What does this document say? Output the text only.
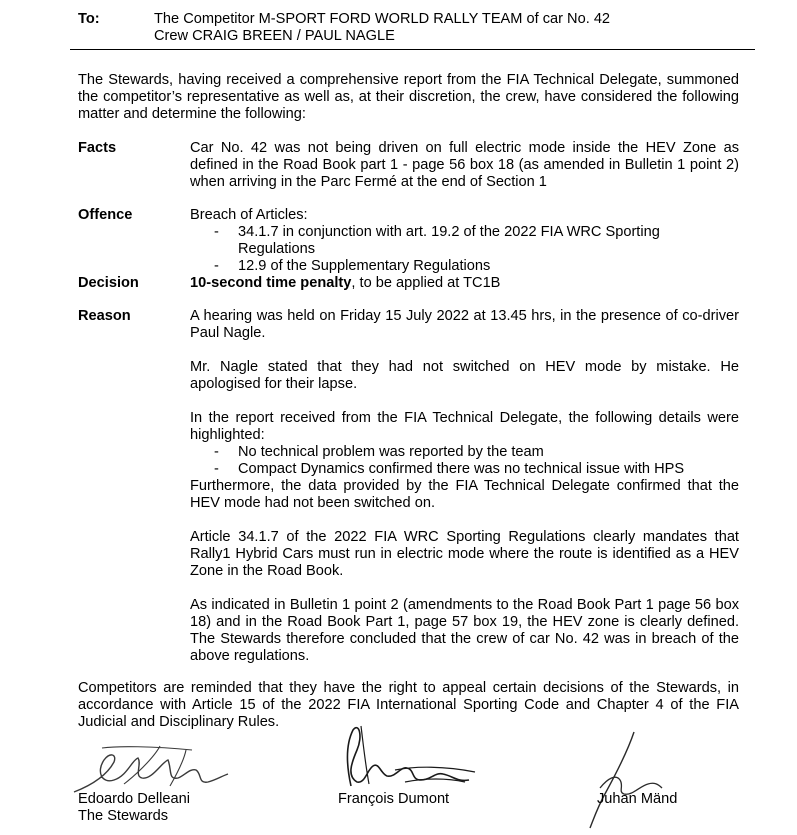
To:	The Competitor M-SPORT FORD WORLD RALLY TEAM of car No. 42
Crew CRAIG BREEN / PAUL NAGLE
The Stewards, having received a comprehensive report from the FIA Technical Delegate, summoned the competitor’s representative as well as, at their discretion, the crew, have considered the following matter and determine the following:
Facts	Car No. 42 was not being driven on full electric mode inside the HEV Zone as defined in the Road Book part 1 - page 56 box 18 (as amended in Bulletin 1 point 2) when arriving in the Parc Fermé at the end of Section 1
Offence	Breach of Articles:

- 34.1.7 in conjunction with art. 19.2 of the 2022 FIA WRC Sporting Regulations
- 12.9 of the Supplementary Regulations
Decision	10-second time penalty, to be applied at TC1B
Reason	A hearing was held on Friday 15 July 2022 at 13.45 hrs, in the presence of co-driver Paul Nagle.

Mr. Nagle stated that they had not switched on HEV mode by mistake. He apologised for their lapse.

In the report received from the FIA Technical Delegate, the following details were highlighted:

- No technical problem was reported by the team
- Compact Dynamics confirmed there was no technical issue with HPS

Furthermore, the data provided by the FIA Technical Delegate confirmed that the HEV mode had not been switched on.

Article 34.1.7 of the 2022 FIA WRC Sporting Regulations clearly mandates that Rally1 Hybrid Cars must run in electric mode where the route is identified as a HEV Zone in the Road Book.

As indicated in Bulletin 1 point 2 (amendments to the Road Book Part 1 page 56 box 18) and in the Road Book Part 1, page 57 box 19, the HEV zone is clearly defined. The Stewards therefore concluded that the crew of car No. 42 was in breach of the above regulations.

Competitors are reminded that they have the right to appeal certain decisions of the Stewards, in accordance with Article 15 of the 2022 FIA International Sporting Code and Chapter 4 of the FIA Judicial and Disciplinary Rules.
Edoardo Delleani	François Dumont	Juhan Mänd
The Stewards
